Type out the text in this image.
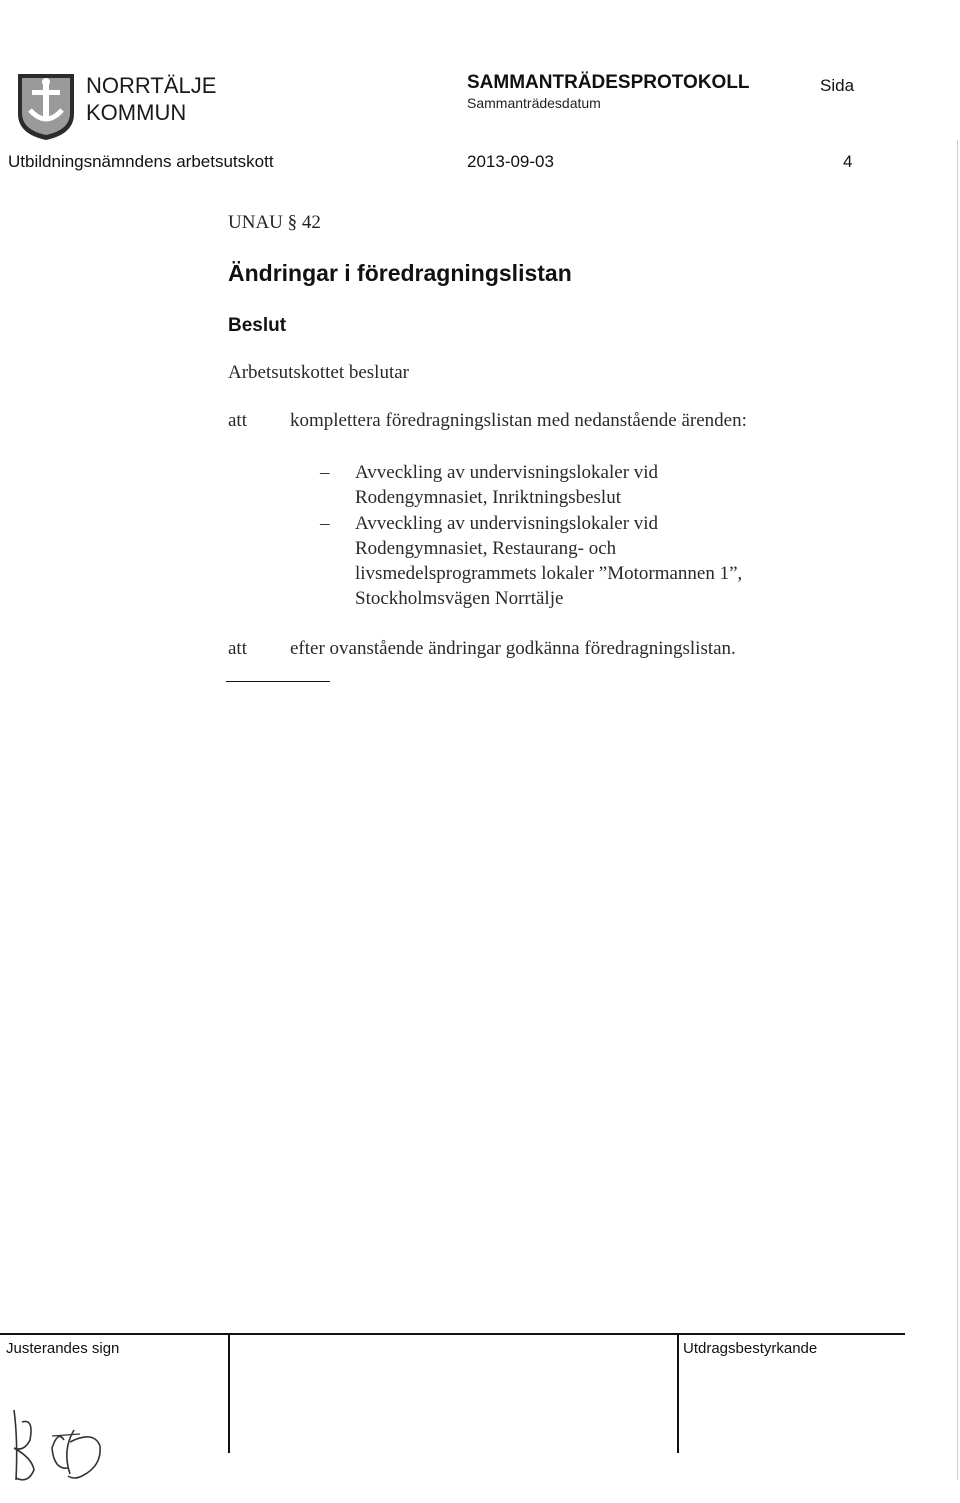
NORRTÄLJE
KOMMUN
SAMMANTRÄDESPROTOKOLL
Sammanträdesdatum
Sida
Utbildningsnämndens arbetsutskott	2013-09-03	4
UNAU § 42
Ändringar i föredragningslistan
Beslut
Arbetsutskottet beslutar
att komplettera föredragningslistan med nedanstående ärenden:
– Avveckling av undervisningslokaler vid
Rodengymnasiet, Inriktningsbeslut
– Avveckling av undervisningslokaler vid
Rodengymnasiet, Restaurang- och
livsmedelsprogrammets lokaler ”Motormannen 1”,
Stockholmsvägen Norrtälje
att efter ovanstående ändringar godkänna föredragningslistan.
Justerandes sign	Utdragsbestyrkande
